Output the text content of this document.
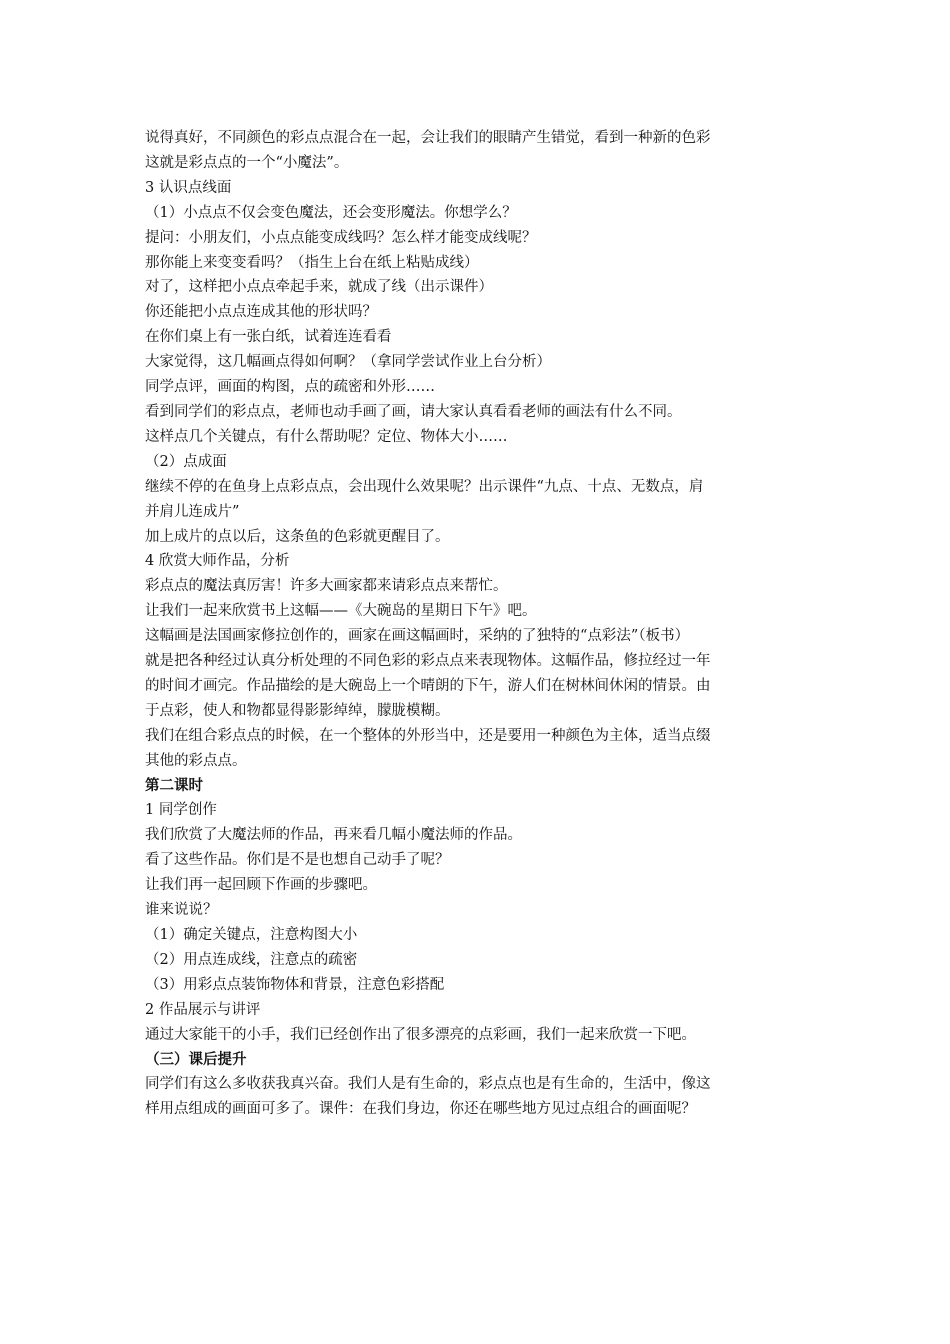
说得真好，不同颜色的彩点点混合在一起，会让我们的眼睛产生错觉，看到一种新的色彩
这就是彩点点的一个“小魔法”。
3 认识点线面
（1）小点点不仅会变色魔法，还会变形魔法。你想学么？
提问：小朋友们，小点点能变成线吗？怎么样才能变成线呢？
那你能上来变变看吗？（指生上台在纸上粘贴成线）
对了，这样把小点点牵起手来，就成了线（出示课件）
你还能把小点点连成其他的形状吗？
在你们桌上有一张白纸，试着连连看看
大家觉得，这几幅画点得如何啊？（拿同学尝试作业上台分析）
同学点评，画面的构图，点的疏密和外形……
看到同学们的彩点点，老师也动手画了画，请大家认真看看老师的画法有什么不同。
这样点几个关键点，有什么帮助呢？定位、物体大小……
（2）点成面
继续不停的在鱼身上点彩点点，会出现什么效果呢？出示课件“九点、十点、无数点，肩
并肩儿连成片”
加上成片的点以后，这条鱼的色彩就更醒目了。
4 欣赏大师作品，分析
彩点点的魔法真厉害！许多大画家都来请彩点点来帮忙。
让我们一起来欣赏书上这幅——《大碗岛的星期日下午》吧。
这幅画是法国画家修拉创作的，画家在画这幅画时，采纳的了独特的“点彩法”（板书）
就是把各种经过认真分析处理的不同色彩的彩点点来表现物体。这幅作品，修拉经过一年
的时间才画完。作品描绘的是大碗岛上一个晴朗的下午，游人们在树林间休闲的情景。由
于点彩，使人和物都显得影影绰绰，朦胧模糊。
我们在组合彩点点的时候，在一个整体的外形当中，还是要用一种颜色为主体，适当点缀
其他的彩点点。
第二课时
1 同学创作
我们欣赏了大魔法师的作品，再来看几幅小魔法师的作品。
看了这些作品。你们是不是也想自己动手了呢？
让我们再一起回顾下作画的步骤吧。
谁来说说？
（1）确定关键点，注意构图大小
（2）用点连成线，注意点的疏密
（3）用彩点点装饰物体和背景，注意色彩搭配
2 作品展示与讲评
通过大家能干的小手，我们已经创作出了很多漂亮的点彩画，我们一起来欣赏一下吧。
（三）课后提升
同学们有这么多收获我真兴奋。我们人是有生命的，彩点点也是有生命的，生活中，像这
样用点组成的画面可多了。课件：在我们身边，你还在哪些地方见过点组合的画面呢？
